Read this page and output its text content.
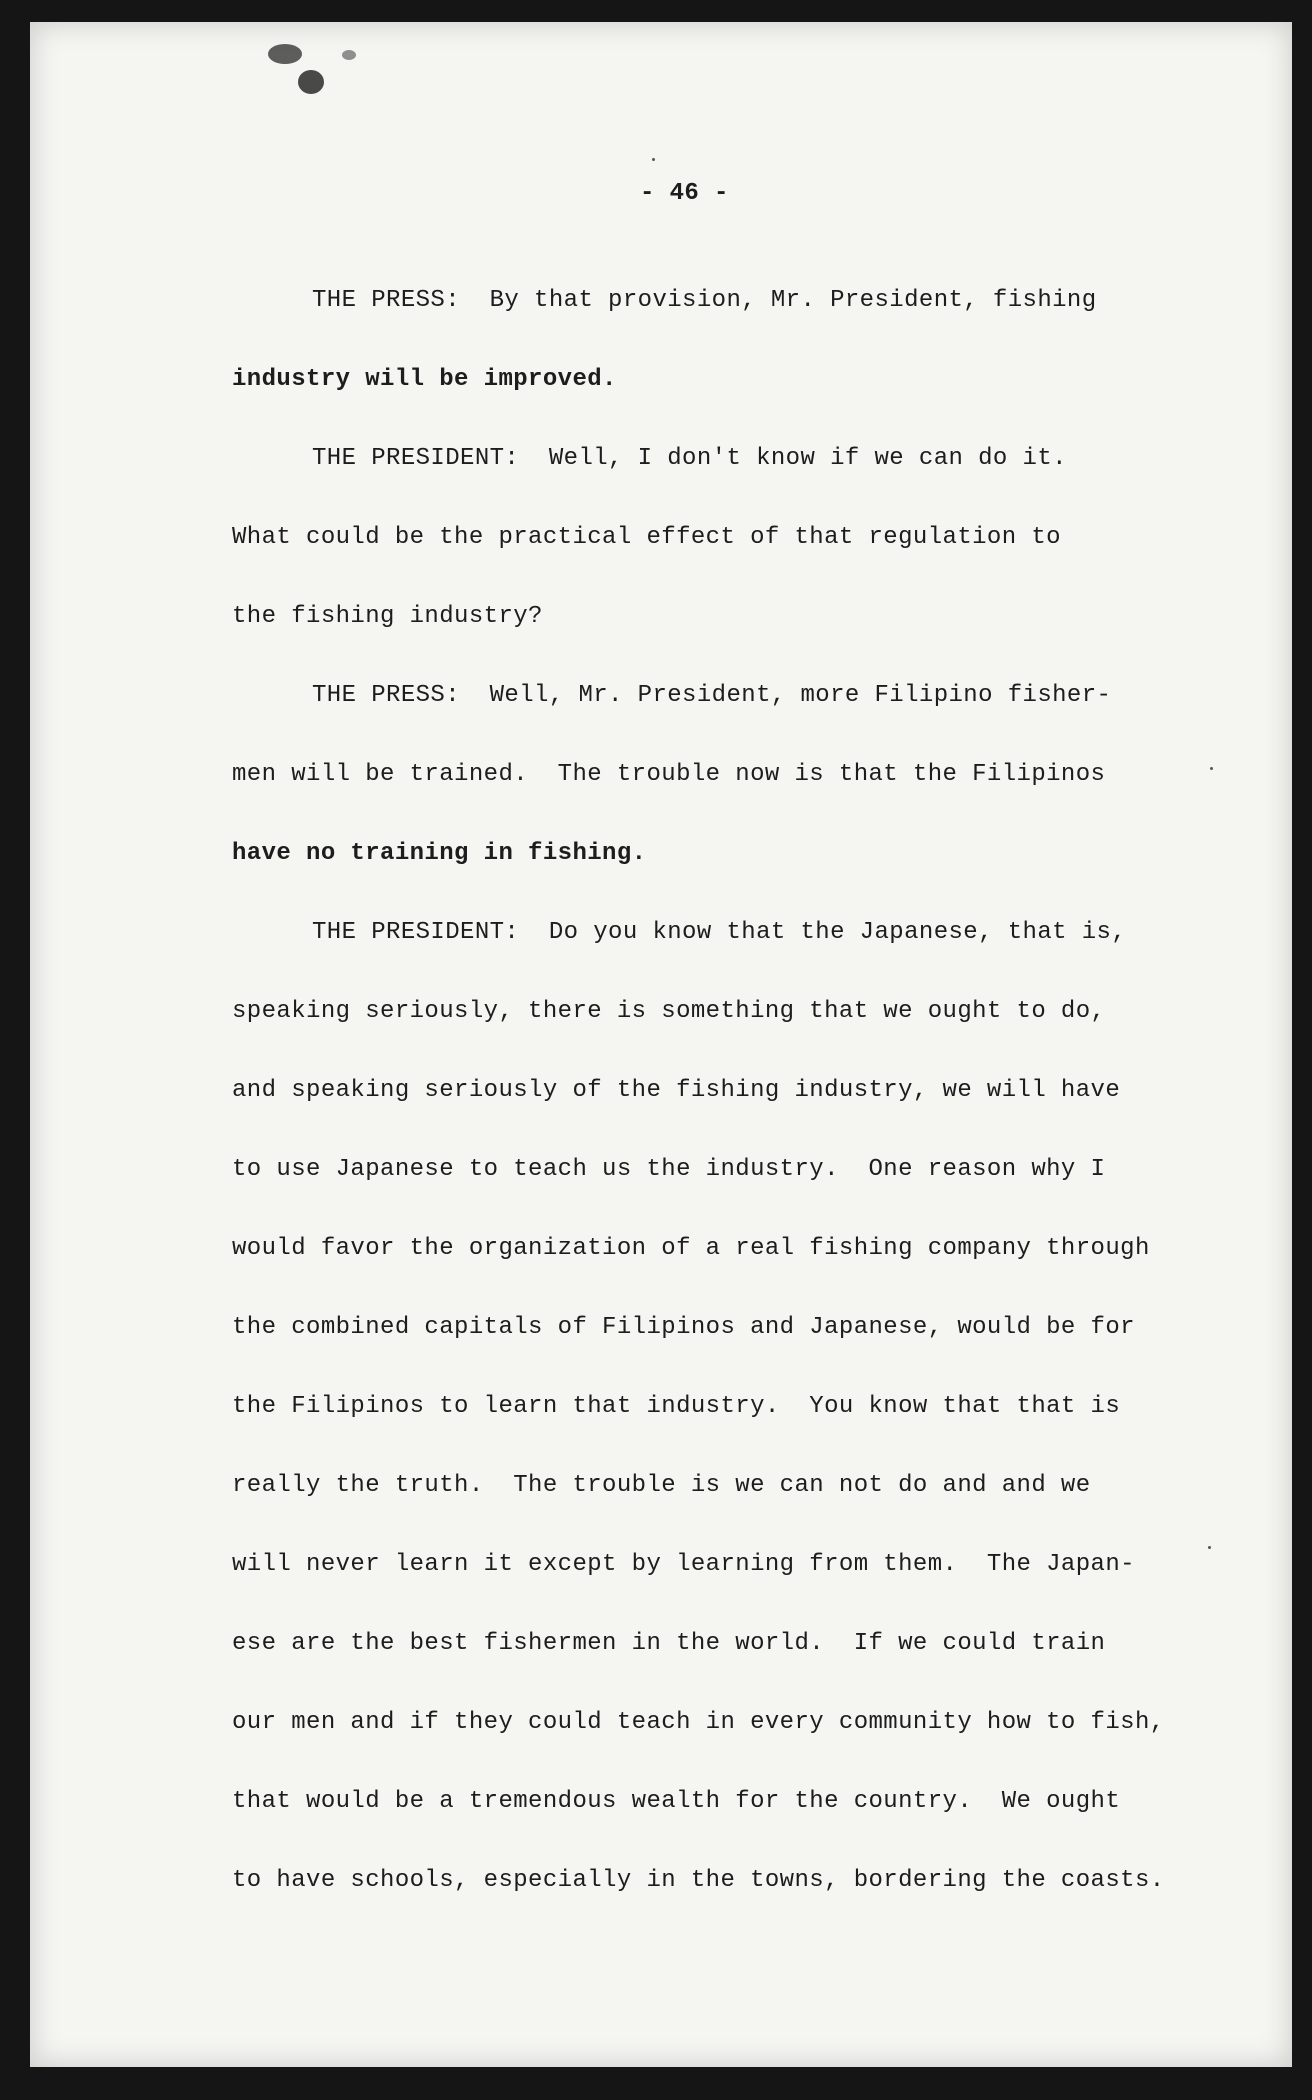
- 46 -

THE PRESS:  By that provision, Mr. President, fishing

industry will be improved.

THE PRESIDENT:  Well, I don't know if we can do it.

What could be the practical effect of that regulation to

the fishing industry?

THE PRESS:  Well, Mr. President, more Filipino fisher-

men will be trained.  The trouble now is that the Filipinos

have no training in fishing.

THE PRESIDENT:  Do you know that the Japanese, that is,

speaking seriously, there is something that we ought to do,

and speaking seriously of the fishing industry, we will have

to use Japanese to teach us the industry.  One reason why I

would favor the organization of a real fishing company through

the combined capitals of Filipinos and Japanese, would be for

the Filipinos to learn that industry.  You know that that is

really the truth.  The trouble is we can not do and and we

will never learn it except by learning from them.  The Japan-

ese are the best fishermen in the world.  If we could train

our men and if they could teach in every community how to fish,

that would be a tremendous wealth for the country.  We ought

to have schools, especially in the towns, bordering the coasts.
